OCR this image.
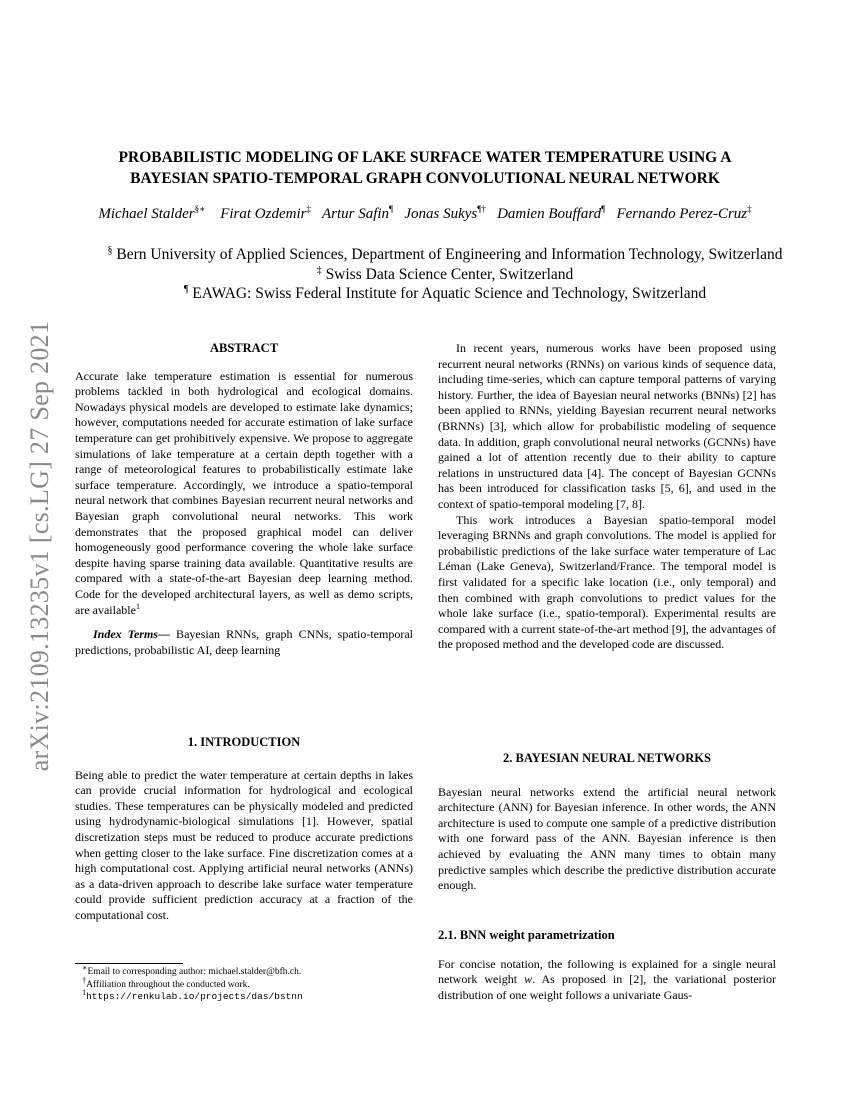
arXiv:2109.13235v1 [cs.LG] 27 Sep 2021
PROBABILISTIC MODELING OF LAKE SURFACE WATER TEMPERATURE USING A
BAYESIAN SPATIO-TEMPORAL GRAPH CONVOLUTIONAL NEURAL NETWORK
Michael Stalder§∗ Firat Ozdemir‡ Artur Safin¶ Jonas Sukys¶† Damien Bouffard¶ Fernando Perez-Cruz‡
§ Bern University of Applied Sciences, Department of Engineering and Information Technology, Switzerland
‡ Swiss Data Science Center, Switzerland
¶ EAWAG: Swiss Federal Institute for Aquatic Science and Technology, Switzerland
ABSTRACT

Accurate lake temperature estimation is essential for numerous problems tackled in both hydrological and ecological domains. Nowadays physical models are developed to estimate lake dynamics; however, computations needed for accurate estimation of lake surface temperature can get prohibitively expensive. We propose to aggregate simulations of lake temperature at a certain depth together with a range of meteorological features to probabilistically estimate lake surface temperature. Accordingly, we introduce a spatio-temporal neural network that combines Bayesian recurrent neural networks and Bayesian graph convolutional neural networks. This work demonstrates that the proposed graphical model can deliver homogeneously good performance covering the whole lake surface despite having sparse training data available. Quantitative results are compared with a state-of-the-art Bayesian deep learning method. Code for the developed architectural layers, as well as demo scripts, are available$^1$

Index Terms— Bayesian RNNs, graph CNNs, spatio-temporal predictions, probabilistic AI, deep learning

1. INTRODUCTION

Being able to predict the water temperature at certain depths in lakes can provide crucial information for hydrological and ecological studies. These temperatures can be physically modeled and predicted using hydrodynamic-biological simulations [1]. However, spatial discretization steps must be reduced to produce accurate predictions when getting closer to the lake surface. Fine discretization comes at a high computational cost. Applying artificial neural networks (ANNs) as a data-driven approach to describe lake surface water temperature could provide sufficient prediction accuracy at a fraction of the computational cost.

∗Email to corresponding author: michael.stalder@bfh.ch.
†Affiliation throughout the conducted work.
$^1$https://renkulab.io/projects/das/bstnn

In recent years, numerous works have been proposed using recurrent neural networks (RNNs) on various kinds of sequence data, including time-series, which can capture temporal patterns of varying history. Further, the idea of Bayesian neural networks (BNNs) [2] has been applied to RNNs, yielding Bayesian recurrent neural networks (BRNNs) [3], which allow for probabilistic modeling of sequence data. In addition, graph convolutional neural networks (GCNNs) have gained a lot of attention recently due to their ability to capture relations in unstructured data [4]. The concept of Bayesian GCNNs has been introduced for classification tasks [5, 6], and used in the context of spatio-temporal modeling [7, 8].

This work introduces a Bayesian spatio-temporal model leveraging BRNNs and graph convolutions. The model is applied for probabilistic predictions of the lake surface water temperature of Lac Léman (Lake Geneva), Switzerland/France. The temporal model is first validated for a specific lake location (i.e., only temporal) and then combined with graph convolutions to predict values for the whole lake surface (i.e., spatio-temporal). Experimental results are compared with a current state-of-the-art method [9], the advantages of the proposed method and the developed code are discussed.

2. BAYESIAN NEURAL NETWORKS

Bayesian neural networks extend the artificial neural network architecture (ANN) for Bayesian inference. In other words, the ANN architecture is used to compute one sample of a predictive distribution with one forward pass of the ANN. Bayesian inference is then achieved by evaluating the ANN many times to obtain many predictive samples which describe the predictive distribution accurate enough.

2.1. BNN weight parametrization

For concise notation, the following is explained for a single neural network weight w. As proposed in [2], the variational posterior distribution of one weight follows a univariate Gaus-
